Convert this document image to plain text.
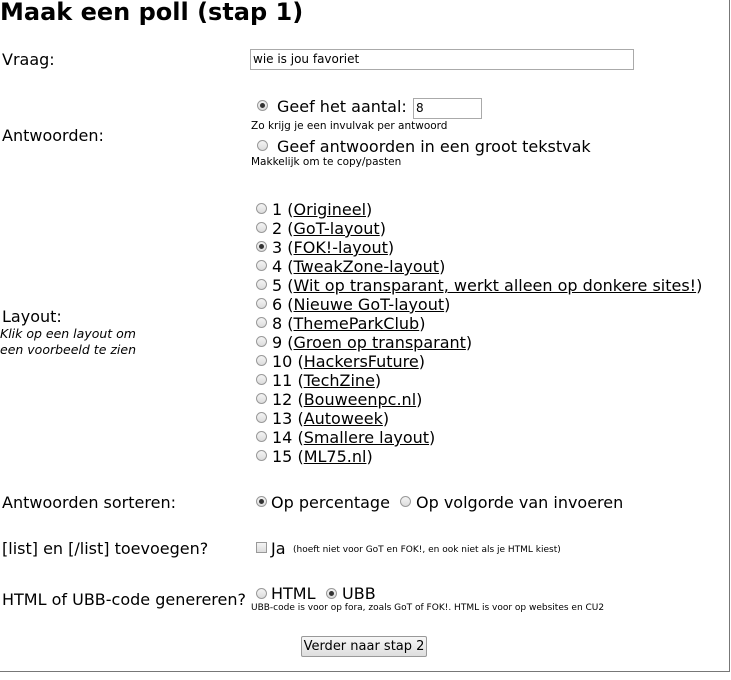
Maak een poll (stap 1)
Vraag:	wie is jou favoriet
Antwoorden:
Geef het aantal: 8
Zo krijg je een invulvak per antwoord
Geef antwoorden in een groot tekstvak
Makkelijk om te copy/pasten
Layout:
Klik op een layout om een voorbeeld te zien
1 (Origineel)
2 (GoT-layout)
3 (FOK!-layout)
4 (TweakZone-layout)
5 (Wit op transparant, werkt alleen op donkere sites!)
6 (Nieuwe GoT-layout)
8 (ThemeParkClub)
9 (Groen op transparant)
10 (HackersFuture)
11 (TechZine)
12 (Bouweenpc.nl)
13 (Autoweek)
14 (Smallere layout)
15 (ML75.nl)
Antwoorden sorteren:	Op percentage Op volgorde van invoeren
[list] en [/list] toevoegen?	Ja (hoeft niet voor GoT en FOK!, en ook niet als je HTML kiest)
HTML of UBB-code genereren? HTML UBB
UBB-code is voor op fora, zoals GoT of FOK!. HTML is voor op websites en CU2
Verder naar stap 2
